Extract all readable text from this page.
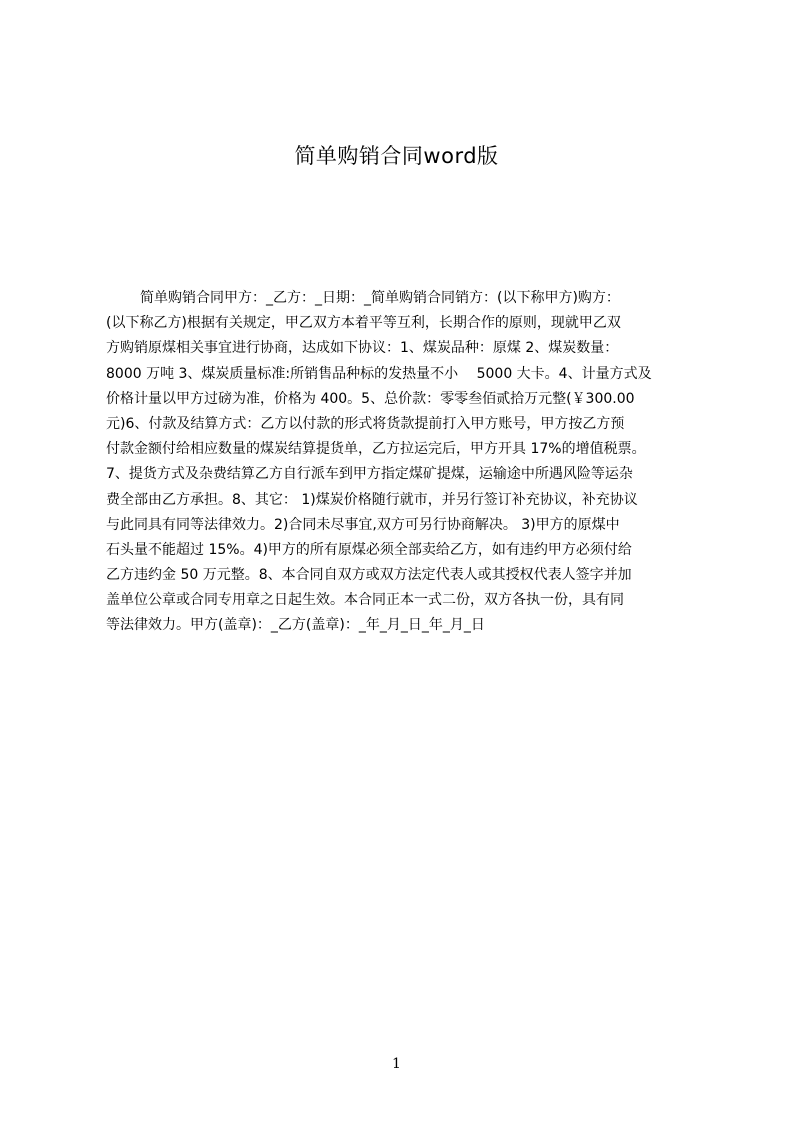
简单购销合同word版
简单购销合同甲方：_乙方：_日期：_简单购销合同销方：(以下称甲方)购方：
(以下称乙方)根据有关规定，甲乙双方本着平等互利，长期合作的原则，现就甲乙双
方购销原煤相关事宜进行协商，达成如下协议：1、煤炭品种：原煤 2、煤炭数量：
8000 万吨 3、煤炭质量标准:所销售品种标的发热量不小　 5000 大卡。4、计量方式及
价格计量以甲方过磅为准，价格为 400。5、总价款：零零叁佰贰拾万元整(￥300.00
元)6、付款及结算方式：乙方以付款的形式将货款提前打入甲方账号，甲方按乙方预
付款金额付给相应数量的煤炭结算提货单，乙方拉运完后，甲方开具 17%的增值税票。
7、提货方式及杂费结算乙方自行派车到甲方指定煤矿提煤，运输途中所遇风险等运杂
费全部由乙方承担。8、其它： 1)煤炭价格随行就市，并另行签订补充协议，补充协议
与此同具有同等法律效力。2)合同未尽事宜,双方可另行协商解决。 3)甲方的原煤中
石头量不能超过 15%。4)甲方的所有原煤必须全部卖给乙方，如有违约甲方必须付给
乙方违约金 50 万元整。8、本合同自双方或双方法定代表人或其授权代表人签字并加
盖单位公章或合同专用章之日起生效。本合同正本一式二份，双方各执一份，具有同
等法律效力。甲方(盖章)：_乙方(盖章)：_年_月_日_年_月_日
1
